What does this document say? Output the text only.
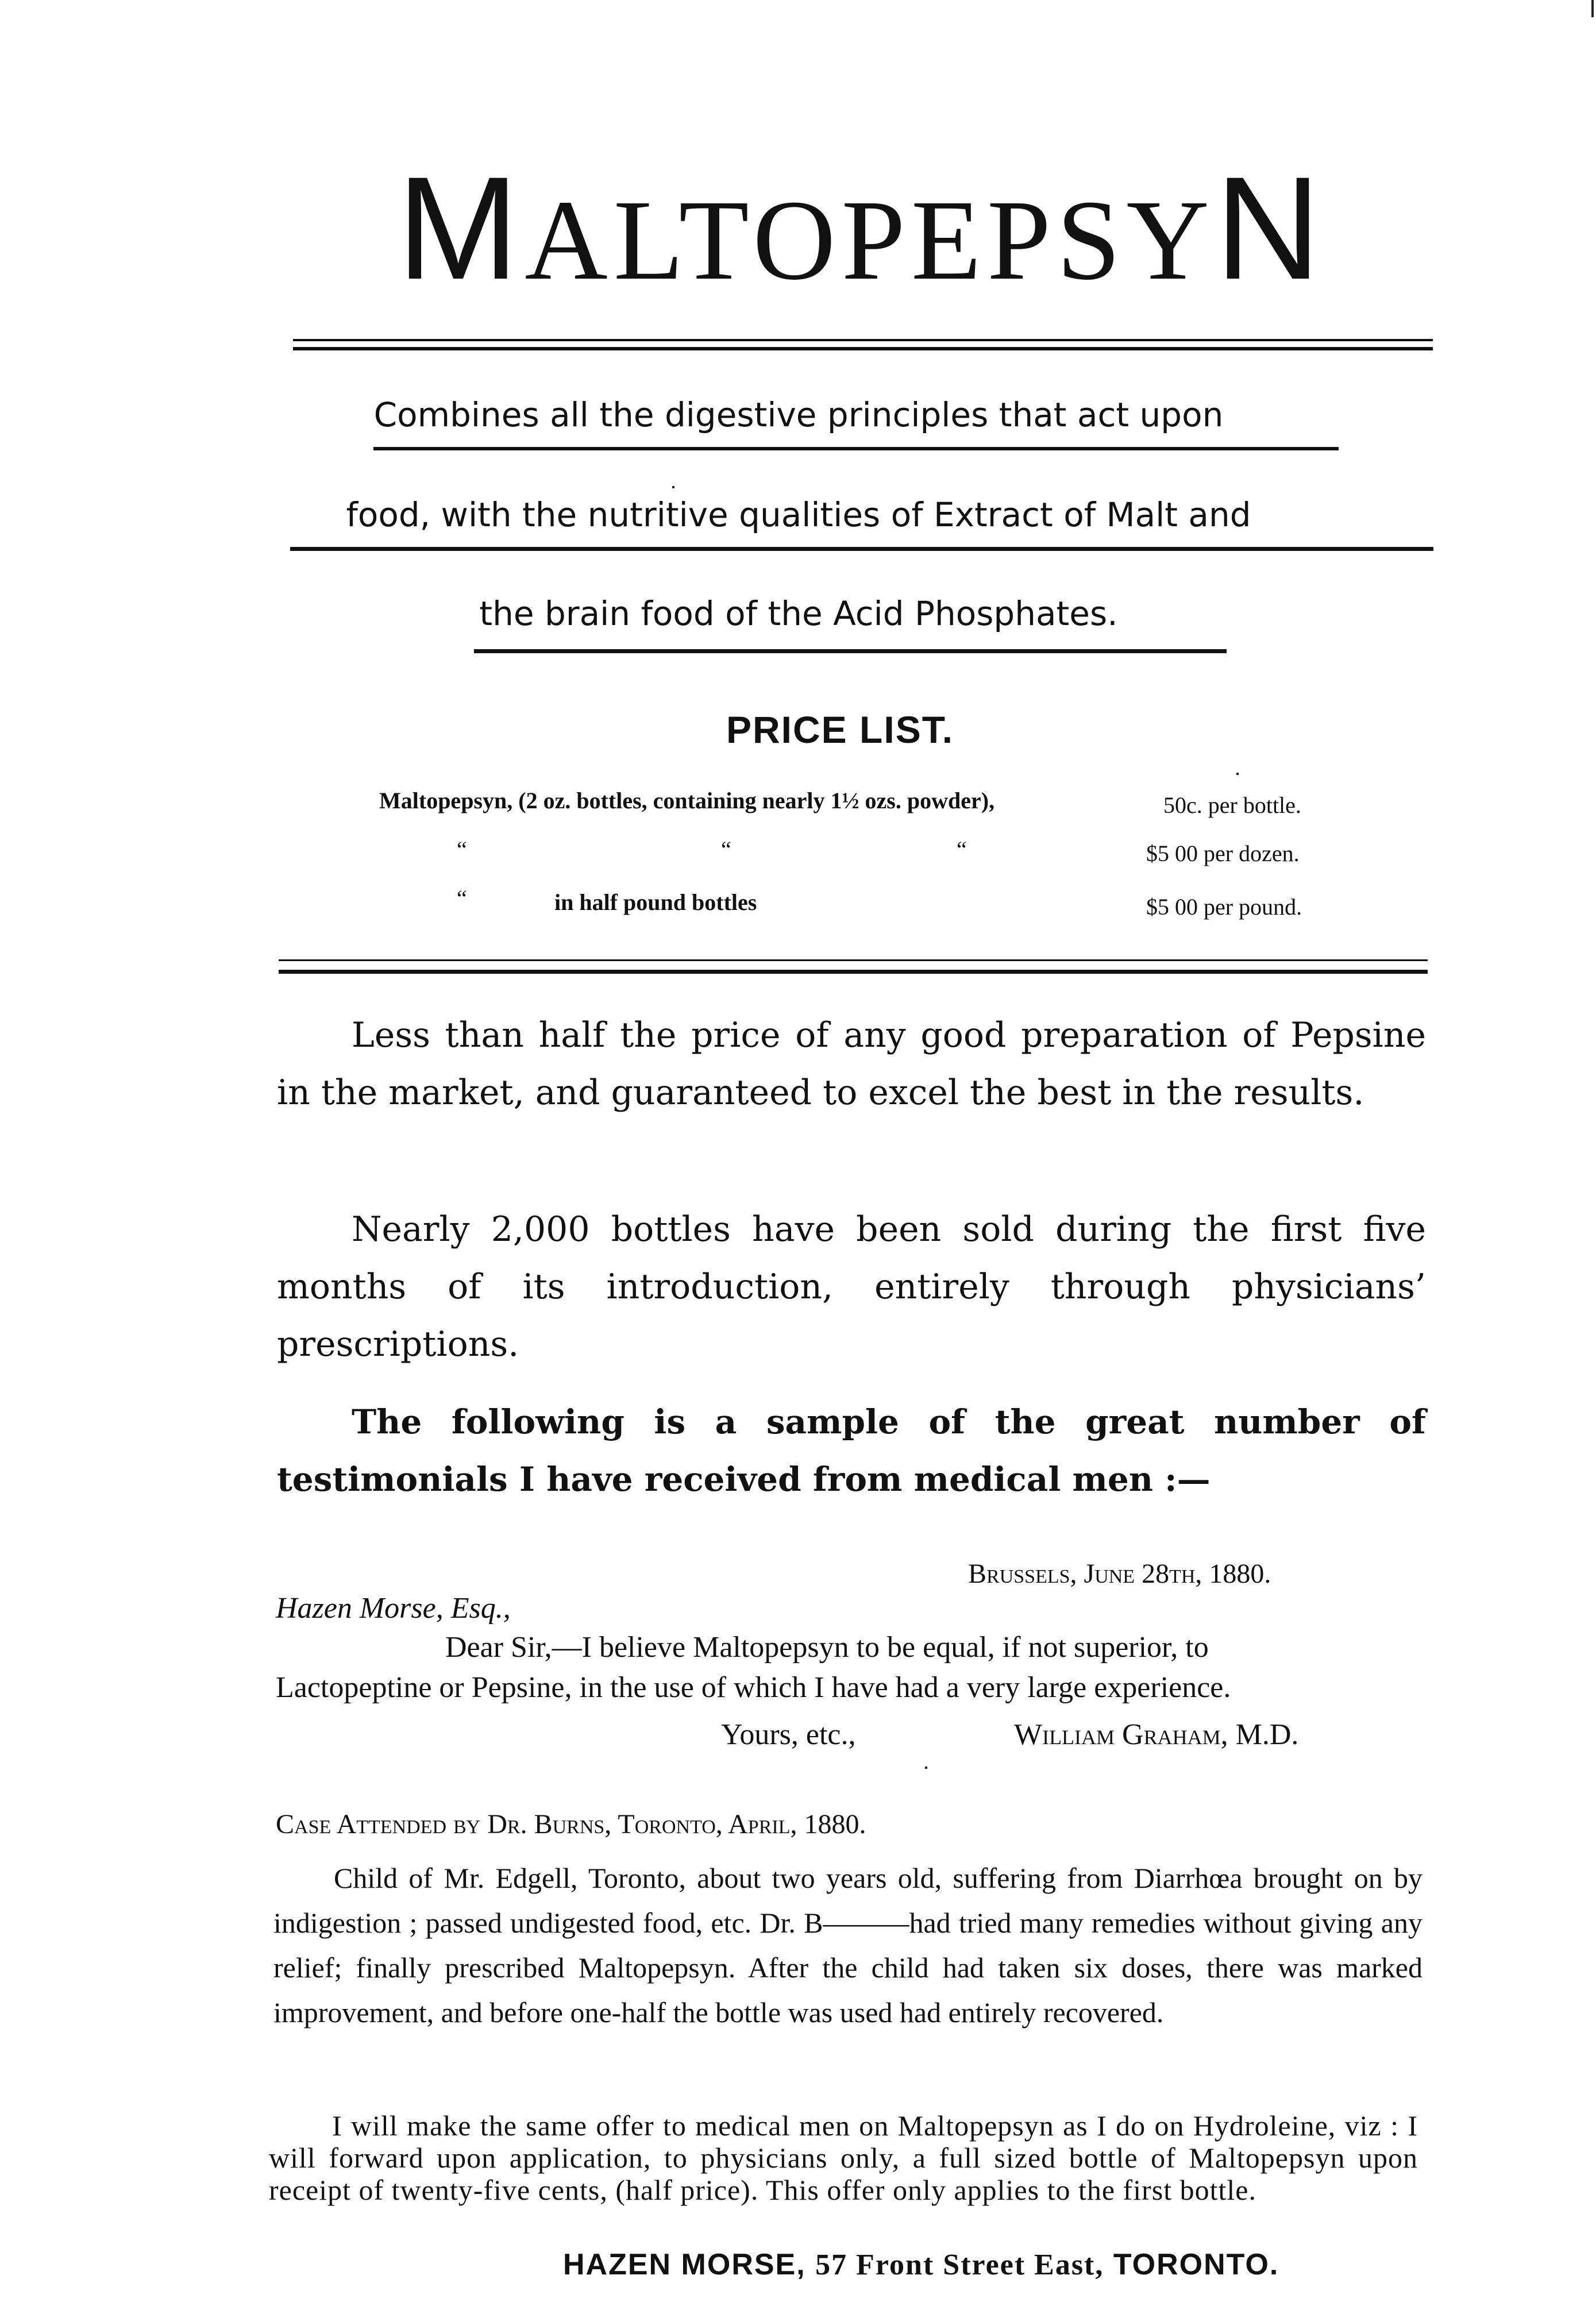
MALTOPEPSYN
Combines all the digestive principles that act upon
food, with the nutritive qualities of Extract of Malt and
the brain food of the Acid Phosphates.
PRICE LIST.
Maltopepsyn, (2 oz. bottles, containing nearly 1½ ozs. powder),	50c. per bottle.
“	“	“	$5 00 per dozen.
“	in half pound bottles	$5 00 per pound.
Less than half the price of any good preparation of Pepsine in the market, and guaranteed to excel the best in the results.
Nearly 2,000 bottles have been sold during the first five months of its introduction, entirely through physicians’ prescriptions.
The following is a sample of the great number of testimonials I have received from medical men :—
Brussels, June 28th, 1880.
Hazen Morse, Esq.,
Dear Sir,—I believe Maltopepsyn to be equal, if not superior, to
Lactopeptine or Pepsine, in the use of which I have had a very large experience.
Yours, etc.,	William Graham, M.D.
Case Attended by Dr. Burns, Toronto, April, 1880.
Child of Mr. Edgell, Toronto, about two years old, suffering from Diarrhœa brought on by indigestion ; passed undigested food, etc. Dr. B———had tried many remedies without giving any relief; finally prescribed Maltopepsyn. After the child had taken six doses, there was marked improvement, and before one-half the bottle was used had entirely recovered.
I will make the same offer to medical men on Maltopepsyn as I do on Hydroleine, viz : I will forward upon application, to physicians only, a full sized bottle of Maltopepsyn upon receipt of twenty-five cents, (half price). This offer only applies to the first bottle.
HAZEN MORSE, 57 Front Street East, TORONTO.
